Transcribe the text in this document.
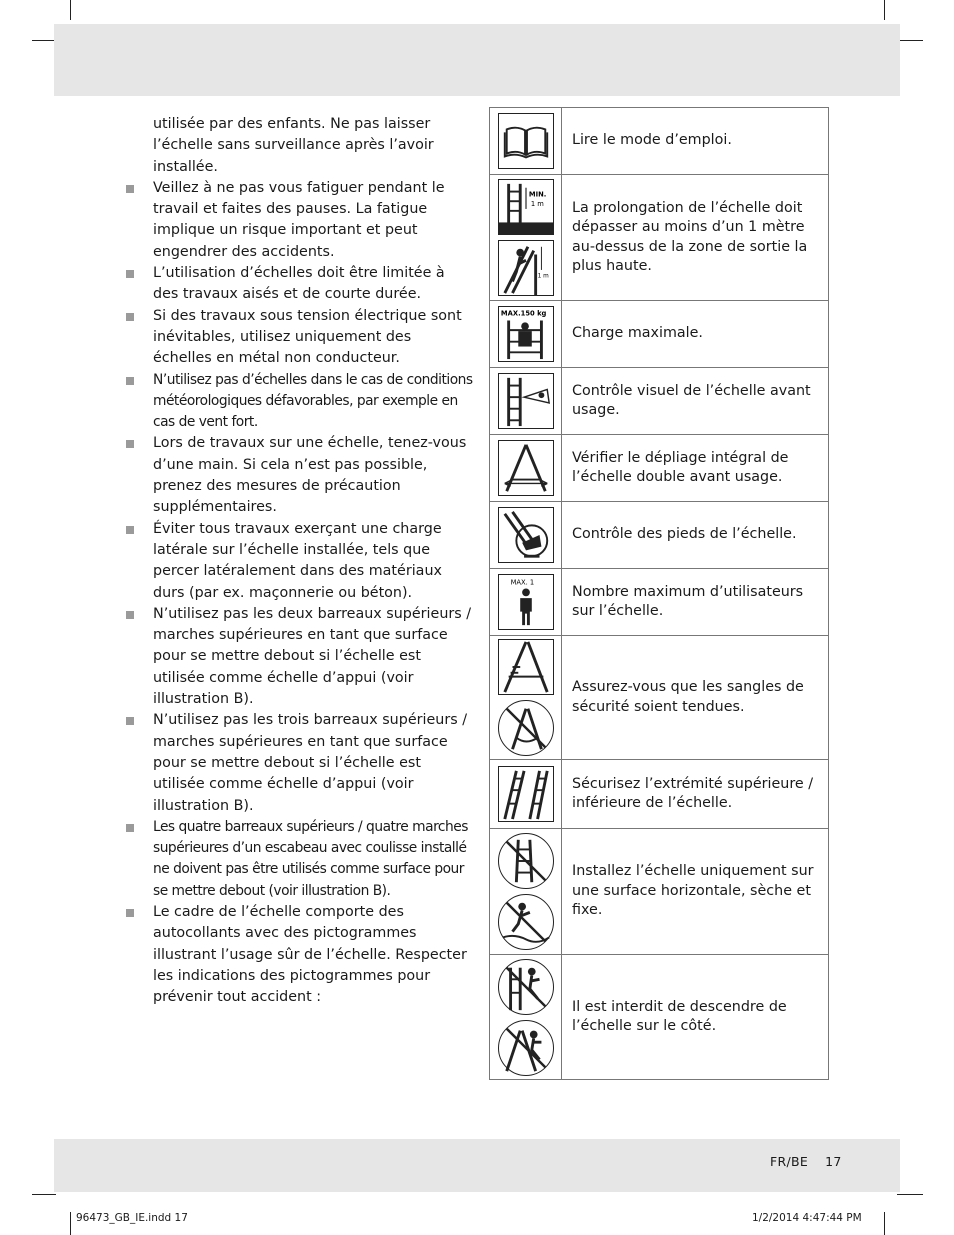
utilisée par des enfants. Ne pas laisser l’échelle sans surveillance après l’avoir installée.
Veillez à ne pas vous fatiguer pendant le travail et faites des pauses. La fatigue implique un risque important et peut engendrer des accidents.
L’utilisation d’échelles doit être limitée à des travaux aisés et de courte durée.
Si des travaux sous tension électrique sont inévitables, utilisez uniquement des échelles en métal non conducteur.
N’utilisez pas d’échelles dans le cas de conditions météorologiques défavorables, par exemple en cas de vent fort.
Lors de travaux sur une échelle, tenez-vous d’une main. Si cela n’est pas possible, prenez des mesures de précaution supplémentaires.
Éviter tous travaux exerçant une charge latérale sur l’échelle installée, tels que percer latéralement dans des matériaux durs (par ex. maçonnerie ou béton).
N’utilisez pas les deux barreaux supérieurs / marches supérieures en tant que surface pour se mettre debout si l’échelle est utilisée comme échelle d’appui (voir illustration B).
N’utilisez pas les trois barreaux supérieurs / marches supérieures en tant que surface pour se mettre debout si l’échelle est utilisée comme échelle d’appui (voir illustration B).
Les quatre barreaux supérieurs / quatre marches supérieures d’un escabeau avec coulisse installé ne doivent pas être utilisés comme surface pour se mettre debout (voir illustration B).
Le cadre de l’échelle comporte des autocollants avec des pictogrammes illustrant l’usage sûr de l’échelle. Respecter les indications des pictogrammes pour prévenir tout accident :
Lire le mode d’emploi.
MIN.
1 m
1 m
La prolongation de l’échelle doit dépasser au moins d’un 1 mètre au-dessus de la zone de sortie la plus haute.
MAX.150 kg
Charge maximale.
Contrôle visuel de l’échelle avant usage.
Vérifier le dépliage intégral de l’échelle double avant usage.
Contrôle des pieds de l’échelle.
MAX. 1
Nombre maximum d’utilisateurs sur l’échelle.
Assurez-vous que les sangles de sécurité soient tendues.
Sécurisez l’extrémité supérieure / inférieure de l’échelle.
Installez l’échelle uniquement sur une surface horizontale, sèche et fixe.
Il est interdit de descendre de l’échelle sur le côté.
FR/BE 17
96473_GB_IE.indd 17	1/2/2014 4:47:44 PM
